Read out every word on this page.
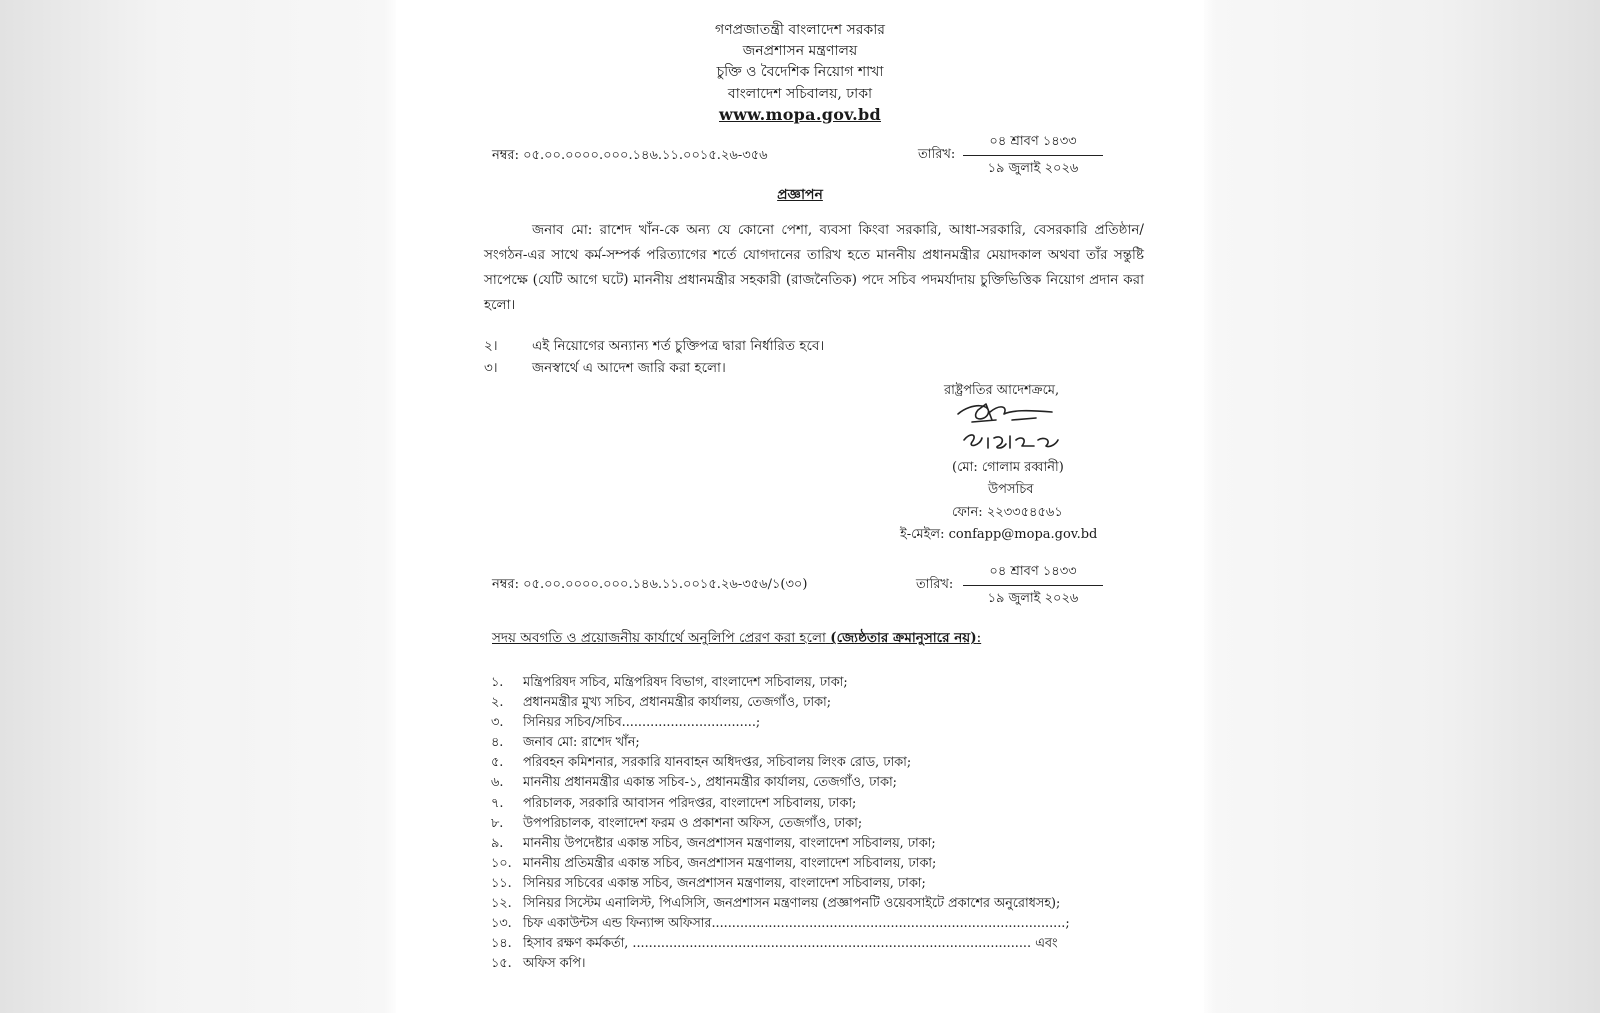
গণপ্রজাতন্ত্রী বাংলাদেশ সরকার
জনপ্রশাসন মন্ত্রণালয়
চুক্তি ও বৈদেশিক নিয়োগ শাখা
বাংলাদেশ সচিবালয়, ঢাকা
www.mopa.gov.bd
নম্বর: ০৫.০০.০০০০.০০০.১৪৬.১১.০০১৫.২৬-৩৫৬	তারিখ:
০৪ শ্রাবণ ১৪৩৩
১৯ জুলাই ২০২৬
প্রজ্ঞাপন
জনাব মো: রাশেদ খাঁন-কে অন্য যে কোনো পেশা, ব্যবসা কিংবা সরকারি, আধা-সরকারি, বেসরকারি প্রতিষ্ঠান/সংগঠন-এর সাথে কর্ম-সম্পর্ক পরিত্যাগের শর্তে যোগদানের তারিখ হতে মাননীয় প্রধানমন্ত্রীর মেয়াদকাল অথবা তাঁর সন্তুষ্টি সাপেক্ষে (যেটি আগে ঘটে) মাননীয় প্রধানমন্ত্রীর সহকারী (রাজনৈতিক) পদে সচিব পদমর্যাদায় চুক্তিভিত্তিক নিয়োগ প্রদান করা হলো।
২।	এই নিয়োগের অন্যান্য শর্ত চুক্তিপত্র দ্বারা নির্ধারিত হবে।
৩।	জনস্বার্থে এ আদেশ জারি করা হলো।
রাষ্ট্রপতির আদেশক্রমে,
(মো: গোলাম রব্বানী)
উপসচিব
ফোন: ২২৩৩৫৪৫৬১
ই-মেইল: confapp@mopa.gov.bd
নম্বর: ০৫.০০.০০০০.০০০.১৪৬.১১.০০১৫.২৬-৩৫৬/১(৩০)	তারিখ:
০৪ শ্রাবণ ১৪৩৩
১৯ জুলাই ২০২৬
সদয় অবগতি ও প্রয়োজনীয় কার্যার্থে অনুলিপি প্রেরণ করা হলো (জ্যেষ্ঠতার ক্রমানুসারে নয়):
১. মন্ত্রিপরিষদ সচিব, মন্ত্রিপরিষদ বিভাগ, বাংলাদেশ সচিবালয়, ঢাকা;
২. প্রধানমন্ত্রীর মুখ্য সচিব, প্রধানমন্ত্রীর কার্যালয়, তেজগাঁও, ঢাকা;
৩. সিনিয়র সচিব/সচিব.................................;
৪. জনাব মো: রাশেদ খাঁন;
৫. পরিবহন কমিশনার, সরকারি যানবাহন অধিদপ্তর, সচিবালয় লিংক রোড, ঢাকা;
৬. মাননীয় প্রধানমন্ত্রীর একান্ত সচিব-১, প্রধানমন্ত্রীর কার্যালয়, তেজগাঁও, ঢাকা;
৭. পরিচালক, সরকারি আবাসন পরিদপ্তর, বাংলাদেশ সচিবালয়, ঢাকা;
৮. উপপরিচালক, বাংলাদেশ ফরম ও প্রকাশনা অফিস, তেজগাঁও, ঢাকা;
৯. মাননীয় উপদেষ্টার একান্ত সচিব, জনপ্রশাসন মন্ত্রণালয়, বাংলাদেশ সচিবালয়, ঢাকা;
১০. মাননীয় প্রতিমন্ত্রীর একান্ত সচিব, জনপ্রশাসন মন্ত্রণালয়, বাংলাদেশ সচিবালয়, ঢাকা;
১১. সিনিয়র সচিবের একান্ত সচিব, জনপ্রশাসন মন্ত্রণালয়, বাংলাদেশ সচিবালয়, ঢাকা;
১২. সিনিয়র সিস্টেম এনালিস্ট, পিএসিসি, জনপ্রশাসন মন্ত্রণালয় (প্রজ্ঞাপনটি ওয়েবসাইটে প্রকাশের অনুরোধসহ);
১৩. চিফ একাউন্টস এন্ড ফিন্যান্স অফিসার.......................................................................................;
১৪. হিসাব রক্ষণ কর্মকর্তা, .................................................................................................. এবং
১৫. অফিস কপি।
